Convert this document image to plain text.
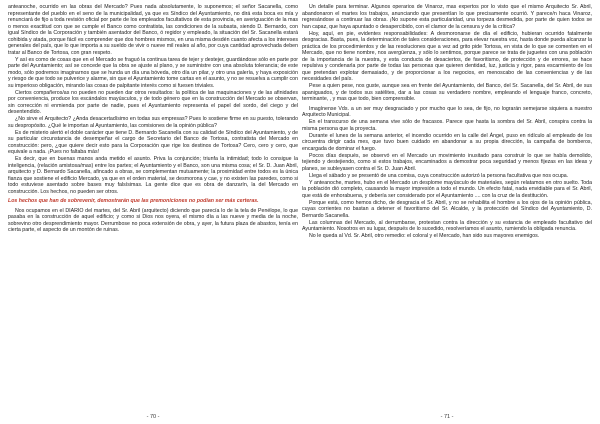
anteanoche, ocurrido en las obras del Mercado? Pues nada absolutamente, lo suponemos; el señor Sacanella, como representante del pueblo en el seno de la municipalidad, ya que es Síndico del Ayuntamiento, no dirá esta boca es mía y renunciará de fijo a toda revisión oficial por parte de los empleados facultativos de esta provincia, en averiguación de la mas o menos exactitud con que se cumple el Banco como contratista, las condiciones de la subasta, siendo D. Bernardo, con igual Síndico de la Corporación y también asentador del Banco, ó regidor y empleado, la situación del Sr. Sacanella estará cohibida y atada, porque fácil es comprender que dos hombres mismos, en una misma desdén cuanto afecta a los intereses generales del país, que lo que importa a su sueldo de vivir o nueve mil reales al año, por cuya cantidad aprovechada deben tratar al Banco de Tortosa, con gran respeto.

Y así es como de cosas que en el Mercado se fraguó la continua tarea de tejer y destejer, guardándose sólo en parte por parte del Ayuntamiento; así se concede que la obra se ajuste al plano, y se suministre con una absoluta tolerancia; de este modo, sólo podremos imaginarnos que se hunda un día una bóveda, otro día un pilar, y otro una galería, y haya exposición y riesgo de que todo se pulverice y alarme, sin que el Ayuntamiento tome cartas en el asunto, y no se resuelva a cumplir con su imperioso obligación, mirando las cosas de palpitante interés como si fuesen triviales.

Ciertos compañeros/as no pueden no pueden dar otros resultados: la política de las maquinaciones y de las afinidades por conveniencia, produce los escándalos mayúsculos, y de todo género que en la construcción del Mercado se observan, sin corrección ni enmienda por parte de nadie, pues el Ayuntamiento representa el papel del sordo, del ciego y del desentendido.

¿No sirve el Arquitecto? ¿Anda desacertadísimo en todas sus empresas? Pues lo sostiene firme en su puesto, tolerando su despropósito. ¿Qué le importan al Ayuntamiento, las comisiones de la opinión pública?

Es de misterio alertó el doble carácter que tiene D. Bernardo Sacanella con su calidad de Síndico del Ayuntamiento, y de su particular circunstancia de desempeñar el cargo de Secretario del Banco de Tortosa, contratista del Mercado en construcción: pero, ¿que quiere decir esto para la Corporación que rige los destinos de Tortosa? Cero, cero y cero, que equivale a nada. ¡Pues no faltaba más!

Es decir, que en buenas manos anda metido el asunto. Priva la conjunción; triunfa la intimidad; todo lo consigue la inteligencia, (relación amistosa/mas) entre los partes; el Ayuntamiento y el Banco, son una misma cosa; el Sr. D. Juan Abril, arquitecto y D. Bernardo Sacanella, afincado a obras, se complementan mutuamente; la proximidad entre todos es la única fianza que sostiene el edificio Mercado, ya que en el orden material, se desmorona y cae, y no existen las paredes, como si todo estuviese asentado sobre bases muy falsísimas. La gente dice que es obra de danzarín, la del Mercado en construcción. Los hechos, no pueden ser otros.

Los hechos que han de sobrevenir, demostrarán que las premoniciones no podían ser más certeras.

Nos ocupamos en el DIARIO del martes, del Sr. Abril (arquitecto) diciendo que parecía lo de la tela de Penélope, lo que pasaba en la construcción de aquel edificio; y como si Dios nos oyera, el mismo día a las nueve y media de la noche, sobrevino otro desprendimiento mayor. Derrumbose no poca extensión de obra, y ayer, la futura plaza de abastos, tenía en cierta parte, el aspecto de un montón de ruinas.

- 70 -

Un detalle para terminar. Algunos operarios de Vinaroz, mas expertos por lo visto que el mismo Arquitecto Sr. Abril, abandonaron el martes los trabajos, anunciando que presentían lo que precisamente ocurrió. Y parece/n haca Vinaroz, regresándose a continuar las obras. ¡No supone esta particularidad, una torpeza desmedida, por parte de quien todos se han capaz, que haya apuntado o desapercibido, con el clamor de la censura y de la crítica?

Hoy, aquí, en pie, evidentes responsabilidades: A desmoronarse de día el edificio, hubieran ocurrido fatalmente desgracias. Basta, pues, la determinación de tales consideraciones, para elevar nuestra voz, hasta donde pueda alcanzar la práctica de los procedimientos y de las resoluciones que a vez ad grito pide Tortosa, en vista de lo que se comenten en el Mercado, que no tiene nombre, nos avergüenza, y sólo lo sentimos, porque parece se trata de juguetes con una población de la importancia de la nuestra, y esta conducta de desaciertos, de favoritismo, de protección y de errores, se hace repulsiva y condenarla por parte de todas las personas que quieren dentidad, luz, justicia y rigor, para escarmiento de los que pretendan explotar demasiado, y de proporcionar a los negocios, en menoscabo de las conveniencias y de las necesidades del país.

Pese a quien pese, nos guste, aunque sea en frente del Ayuntamiento, del Banco, del Sr. Sacanella, del Sr. Abril, de sus apaniguados, y de todos sus satélites, dar a las cosas su verdadero nombre, empleando el lenguaje franco, concreto, terminante, , y mas que todo, bien comprensible.

Imagínense Vds. a un ser muy desgraciado y por mucho que lo sea, de fijo, no lograrán semejarse siquiera a nuestro Arquitecto Municipal.

En el transcurso de una semana vive sólo de fracasos. Parece que hasta la sombra del Sr. Abril, conspira contra la misma persona que la proyecta.

Durante el lunes de la semana anterior, el incendio ocurrido en la calle del Ángel, puso en ridículo al empleado de los circuentra dirigir cada mes, que tuvo buen cuidado en abandonar a su propia dirección, la campaña de bomberos, encargada de dominar el fuego.

Pocos días después, se observó en el Mercado un movimiento inusitado para construir lo que se había demolido, tejiendo y destejiendo, como si estos trabajos, encaminados a demostrar poca seguridad y menos fijezas en las ideas y planes, se subleyasen contra el Sr. D. Juan Abril.

Llega el sábado y se presentó de una comisa, cuya construcción autorizó la persona facultativa que nos ocupa.

Y anteanoche, martes, hubo en el Mercado un desplome mayúsculo de materiales, según relatamos en otro suelto. Toda la población dió completo, causando la mayor impresión a todo el mundo. Un efecto fatal, nada envidiable para el Sr. Abril, que está de enhorabuena, y debería ser considerado por el Ayuntamiento .... con la cruz de la destitución.

Porque está, como hemos dicho, de desgracia el Sr. Abril, y no se rehabilita el hombre a los ojos de la opinión pública, cuyas corrientes no bastan a detener el favoritismo del Sr. Alcalde, y la protección del Síndico del Ayuntamiento, D. Bernardo Sacanella.

Las columnas del Mercado, al derrumbarse, protestan contra la dirección y su estancia de empleado facultativo del Ayuntamiento. Nosotros en su lugar, después de lo sucedido, resolveríamos el asunto, rumiendo la obligada renuncia.

No le queda al Vd. Sr. Abril, otro remedio: el coloral y el Mercado, han sido sus mayores enemigos.

- 71 -
